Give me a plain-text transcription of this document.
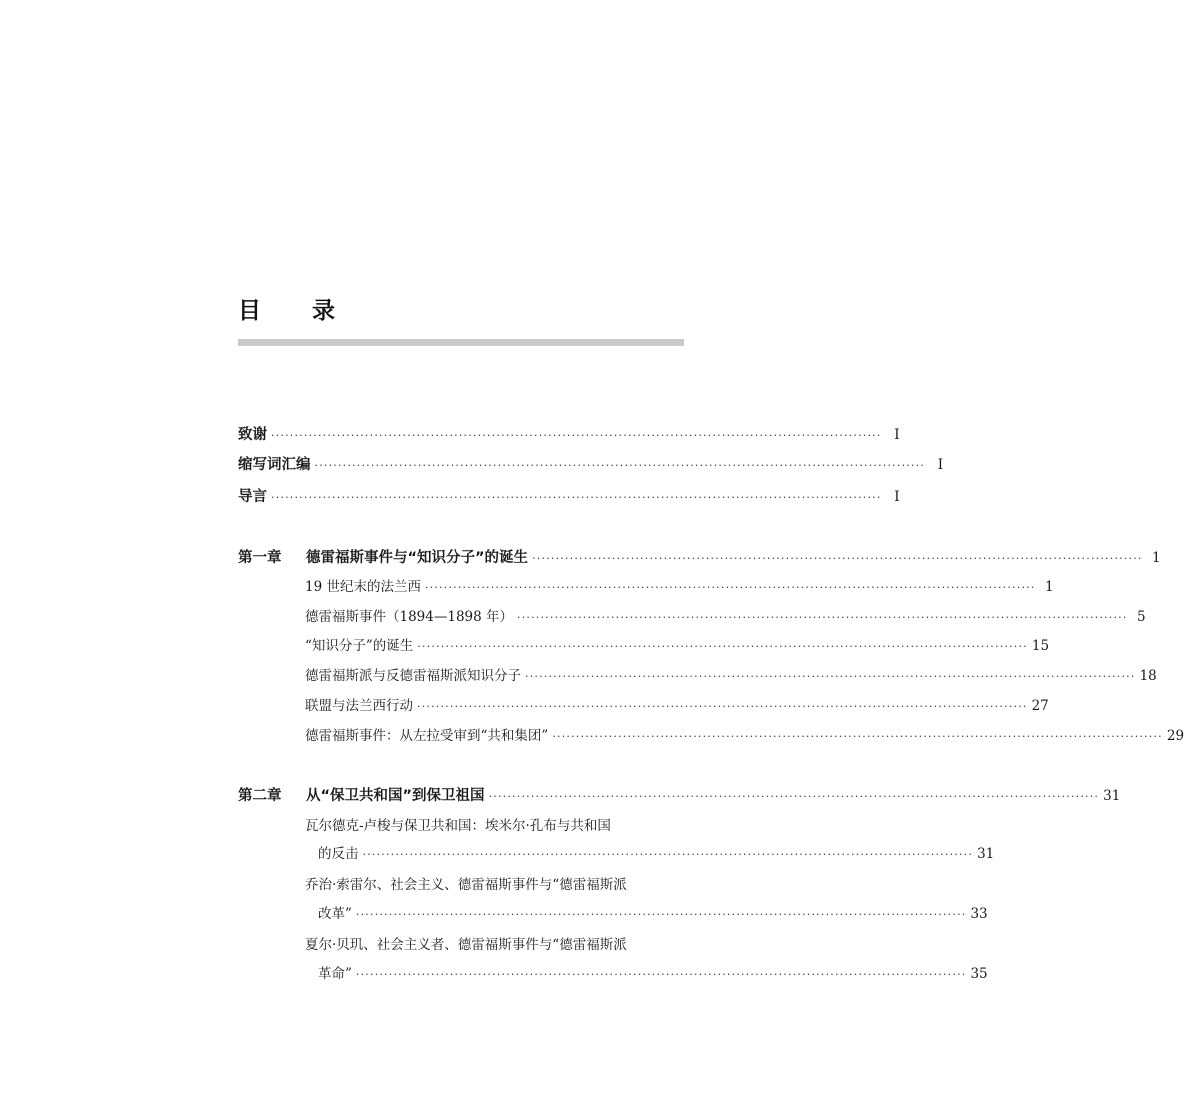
目　录
致谢 ·································································································································· Ⅰ
缩写词汇编 ·································································································································· Ⅰ
导言 ·································································································································· Ⅰ
第一章 德雷福斯事件与“知识分子”的诞生 ·································································································································· 1
19 世纪末的法兰西 ·································································································································· 1
德雷福斯事件（1894—1898 年） ·································································································································· 5
“知识分子”的诞生 ·································································································································· 15
德雷福斯派与反德雷福斯派知识分子 ·································································································································· 18
联盟与法兰西行动 ·································································································································· 27
德雷福斯事件：从左拉受审到“共和集团” ·································································································································· 29
第二章 从“保卫共和国”到保卫祖国 ·································································································································· 31
瓦尔德克-卢梭与保卫共和国：埃米尔·孔布与共和国
的反击 ·································································································································· 31
乔治·索雷尔、社会主义、德雷福斯事件与“德雷福斯派
改革” ·································································································································· 33
夏尔·贝玑、社会主义者、德雷福斯事件与“德雷福斯派
革命” ·································································································································· 35
